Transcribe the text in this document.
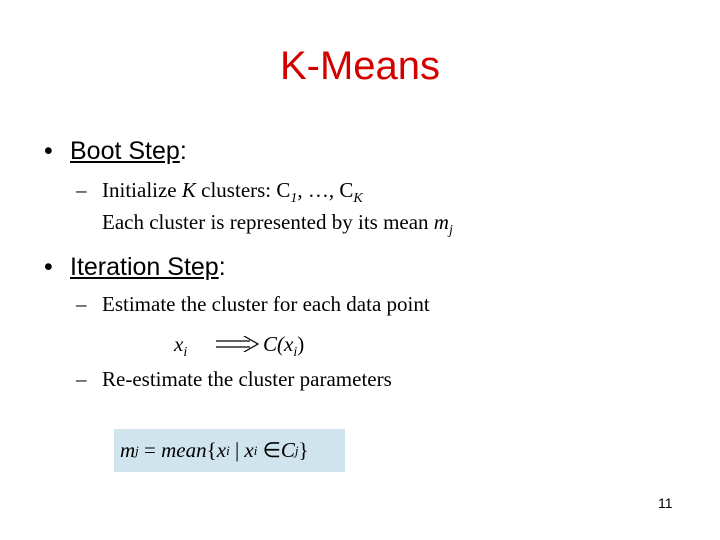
K-Means
• Boot Step:
– Initialize K clusters: $C_1$, …, $C_K$
Each cluster is represented by its mean $m_j$
• Iteration Step:
– Estimate the cluster for each data point
$x_i$	$C(x_i)$
– Re-estimate the cluster parameters
m j = mean { x i | x i ∈ C j }
11
